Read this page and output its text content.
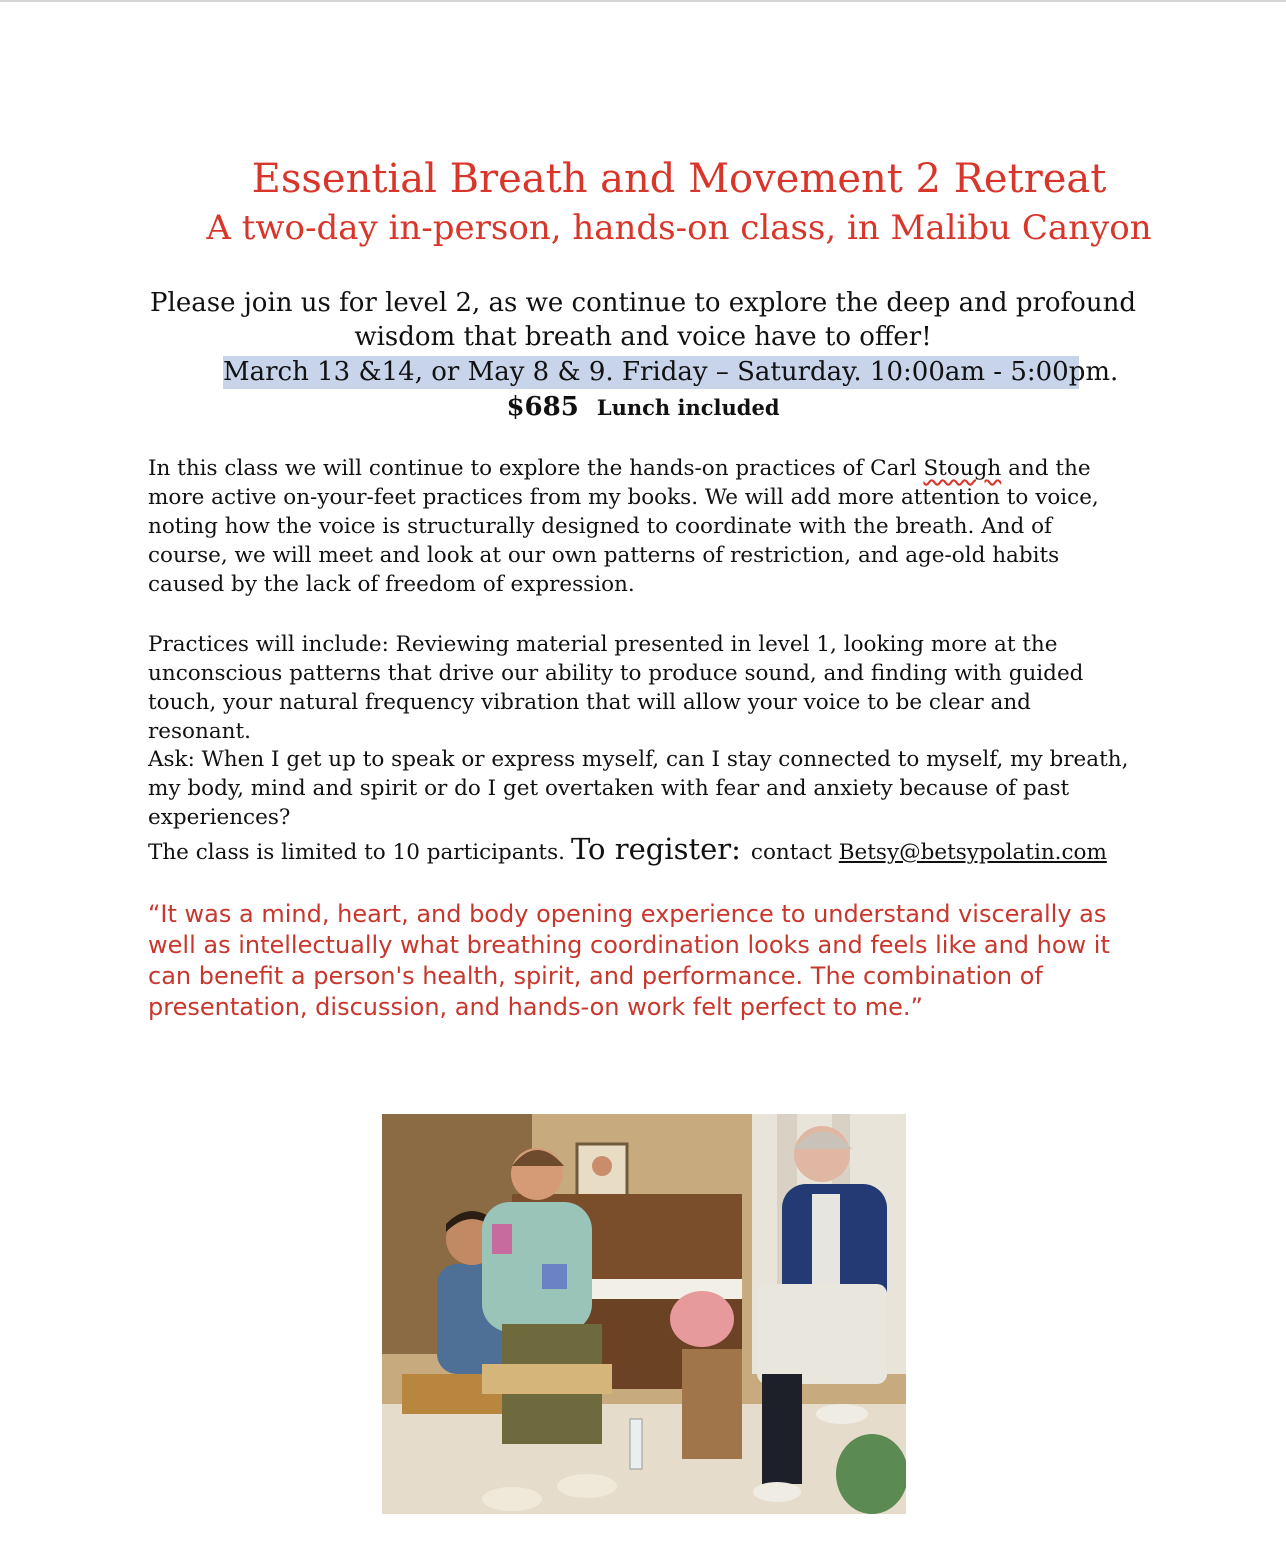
Essential Breath and Movement 2 Retreat
A two-day in-person, hands-on class, in Malibu Canyon
Please join us for level 2, as we continue to explore the deep and profound
wisdom that breath and voice have to offer!
March 13 &14, or May 8 & 9. Friday – Saturday. 10:00am - 5:00pm.
$685 Lunch included

In this class we will continue to explore the hands-on practices of Carl Stough and the more active on-your-feet practices from my books. We will add more attention to voice, noting how the voice is structurally designed to coordinate with the breath. And of course, we will meet and look at our own patterns of restriction, and age-old habits caused by the lack of freedom of expression.

Practices will include: Reviewing material presented in level 1, looking more at the unconscious patterns that drive our ability to produce sound, and finding with guided touch, your natural frequency vibration that will allow your voice to be clear and resonant.

Ask: When I get up to speak or express myself, can I stay connected to myself, my breath, my body, mind and spirit or do I get overtaken with fear and anxiety because of past experiences?

The class is limited to 10 participants. To register: contact Betsy@betsypolatin.com

“It was a mind, heart, and body opening experience to understand viscerally as well as intellectually what breathing coordination looks and feels like and how it can benefit a person's health, spirit, and performance. The combination of presentation, discussion, and hands-on work felt perfect to me.”
